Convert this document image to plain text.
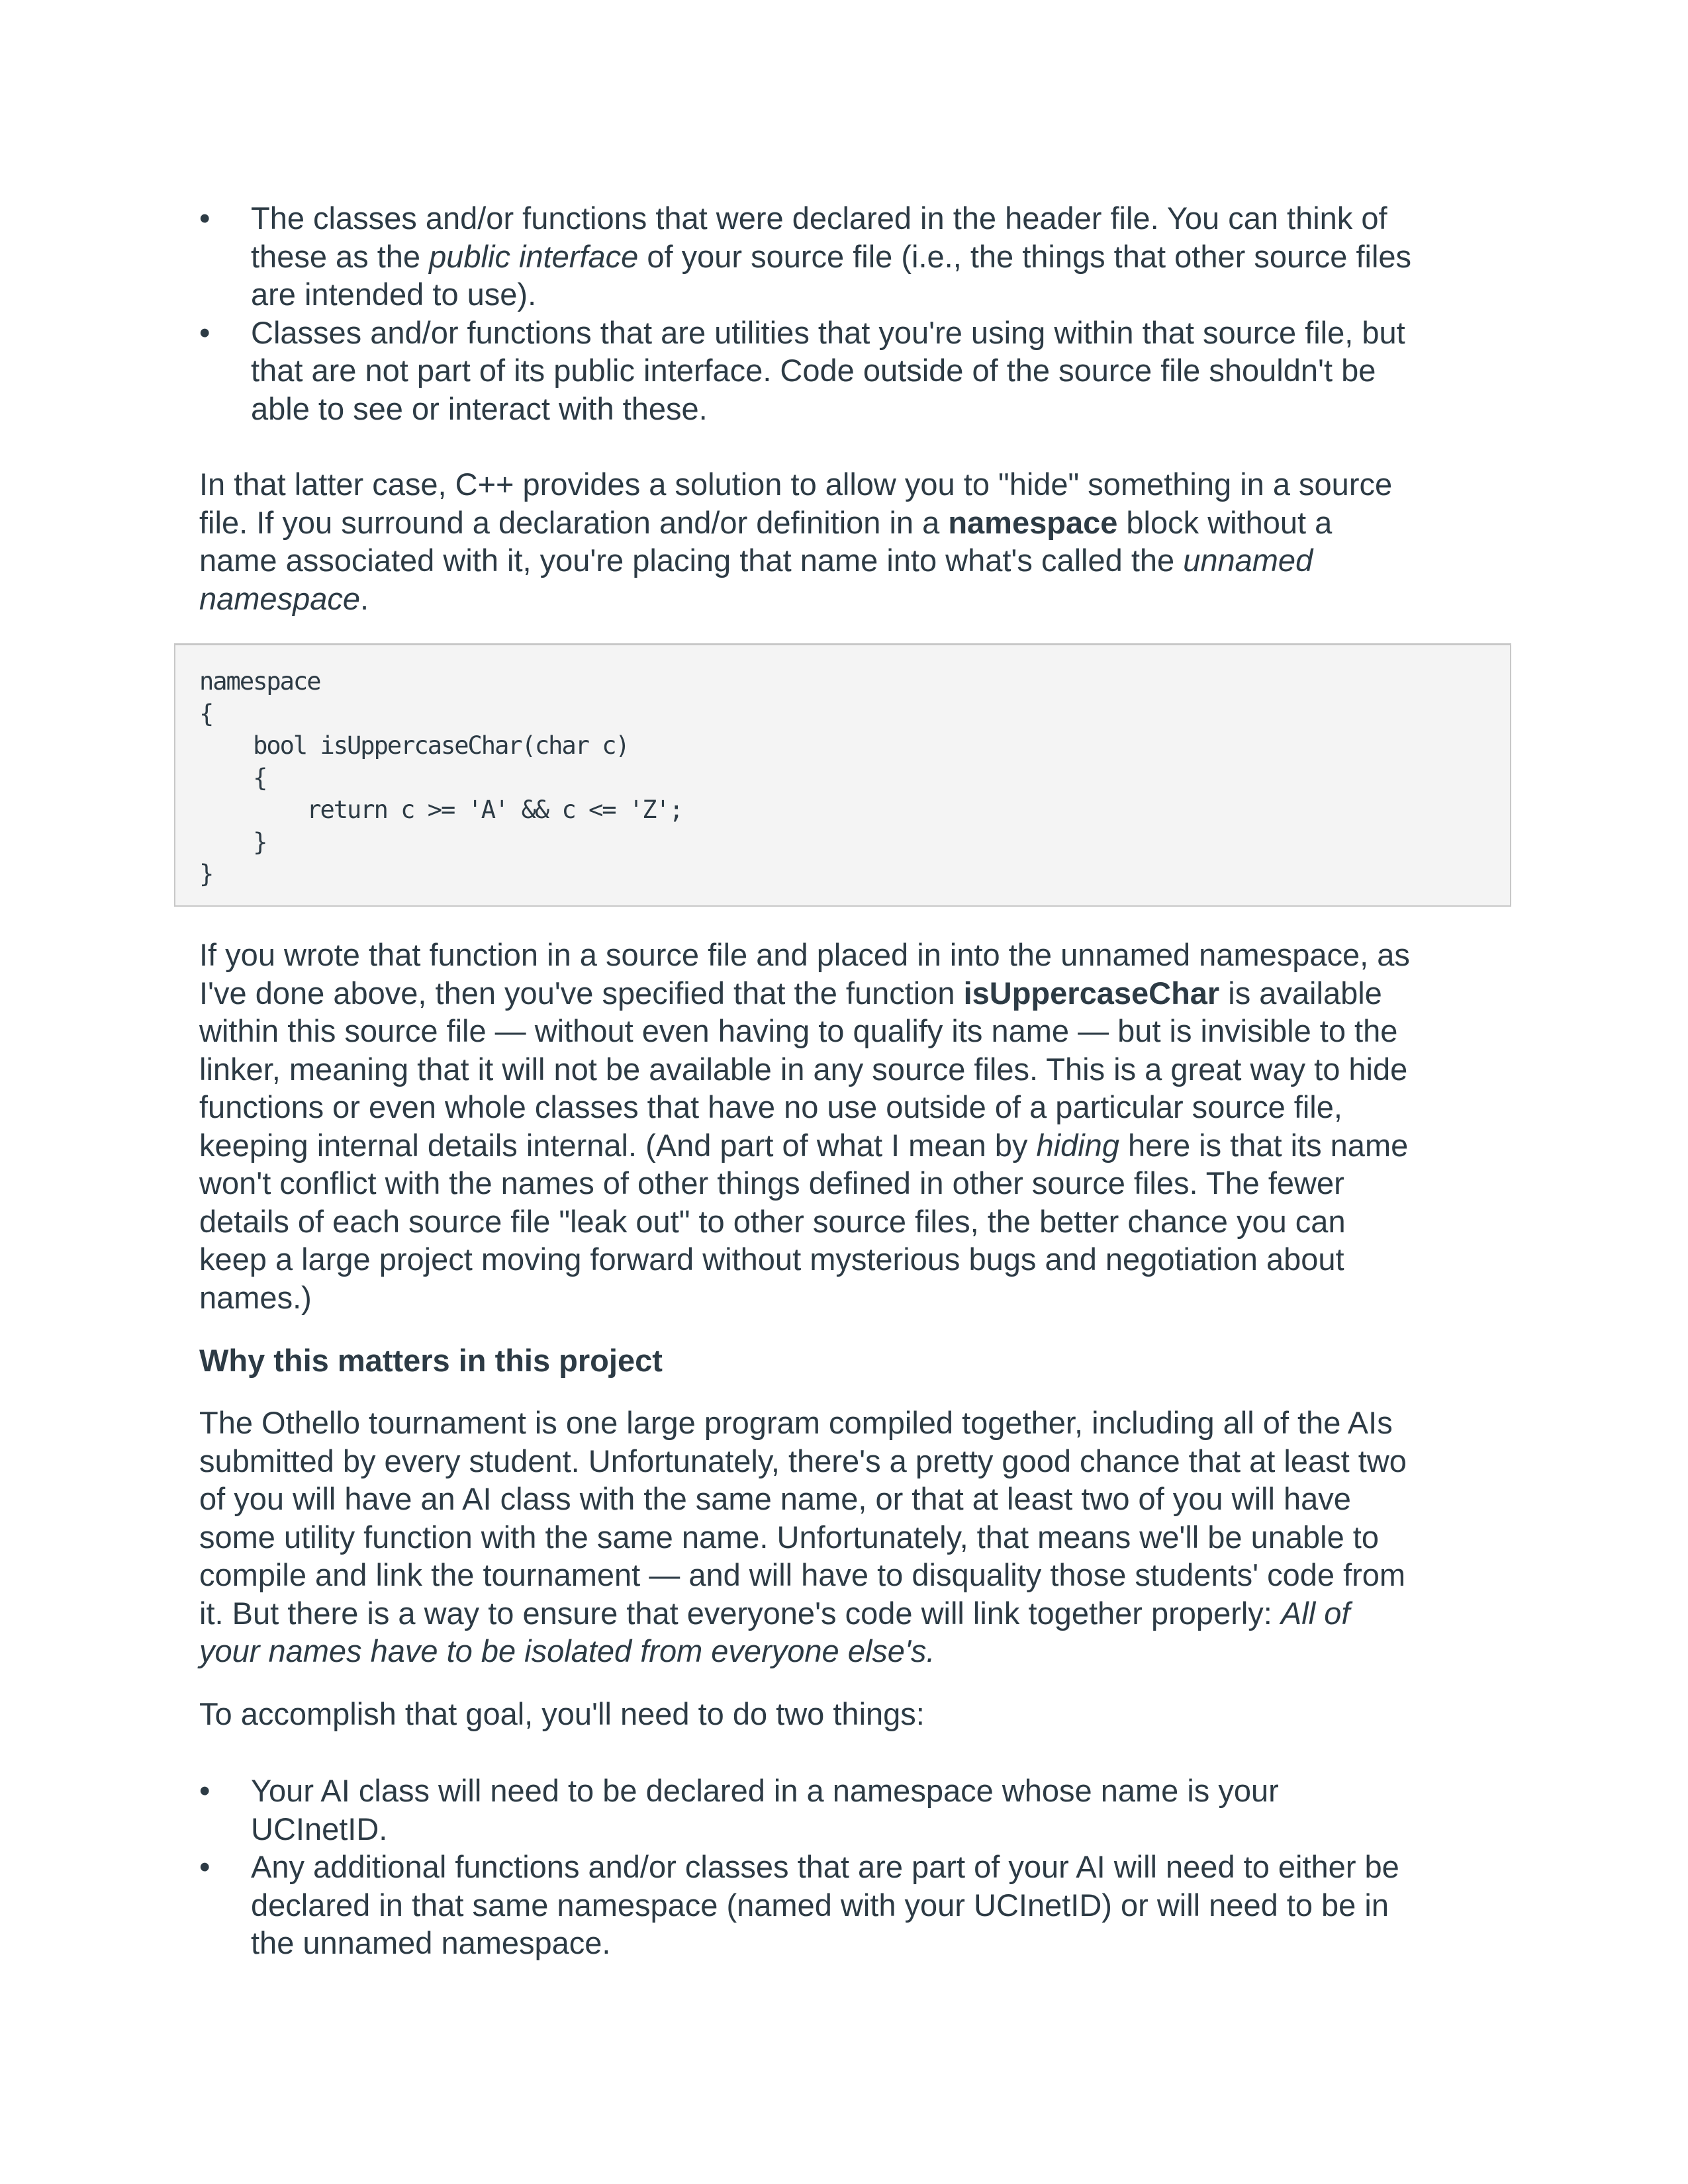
• The classes and/or functions that were declared in the header file. You can think of
these as the public interface of your source file (i.e., the things that other source files
are intended to use).
• Classes and/or functions that are utilities that you're using within that source file, but
that are not part of its public interface. Code outside of the source file shouldn't be
able to see or interact with these.
In that latter case, C++ provides a solution to allow you to "hide" something in a source
file. If you surround a declaration and/or definition in a namespace block without a
name associated with it, you're placing that name into what's called the unnamed
namespace.
namespace
{
bool isUppercaseChar(char c)
{
return c >= 'A' && c <= 'Z';
}
}
If you wrote that function in a source file and placed in into the unnamed namespace, as
I've done above, then you've specified that the function isUppercaseChar is available
within this source file — without even having to qualify its name — but is invisible to the
linker, meaning that it will not be available in any source files. This is a great way to hide
functions or even whole classes that have no use outside of a particular source file,
keeping internal details internal. (And part of what I mean by hiding here is that its name
won't conflict with the names of other things defined in other source files. The fewer
details of each source file "leak out" to other source files, the better chance you can
keep a large project moving forward without mysterious bugs and negotiation about
names.)
Why this matters in this project
The Othello tournament is one large program compiled together, including all of the AIs
submitted by every student. Unfortunately, there's a pretty good chance that at least two
of you will have an AI class with the same name, or that at least two of you will have
some utility function with the same name. Unfortunately, that means we'll be unable to
compile and link the tournament — and will have to disquality those students' code from
it. But there is a way to ensure that everyone's code will link together properly: All of
your names have to be isolated from everyone else's.
To accomplish that goal, you'll need to do two things:
• Your AI class will need to be declared in a namespace whose name is your
UCInetID.
• Any additional functions and/or classes that are part of your AI will need to either be
declared in that same namespace (named with your UCInetID) or will need to be in
the unnamed namespace.
